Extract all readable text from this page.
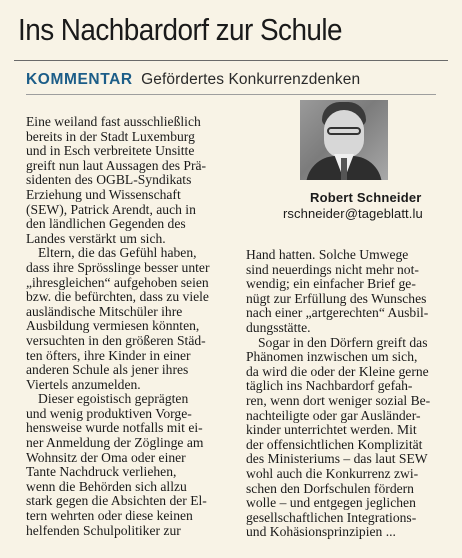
Ins Nachbardorf zur Schule
KOMMENTAR Gefördertes Konkurrenzdenken
Robert Schneider
rschneider@tageblatt.lu

Eine weiland fast ausschließlich
bereits in der Stadt Luxemburg
und in Esch verbreitete Unsitte
greift nun laut Aussagen des Prä-
sidenten des OGBL-Syndikats
Erziehung und Wissenschaft
(SEW), Patrick Arendt, auch in
den ländlichen Gegenden des
Landes verstärkt um sich.

Eltern, die das Gefühl haben,
dass ihre Sprösslinge besser unter
„ihresgleichen“ aufgehoben seien
bzw. die befürchten, dass zu viele
ausländische Mitschüler ihre
Ausbildung vermiesen könnten,
versuchten in den größeren Städ-
ten öfters, ihre Kinder in einer
anderen Schule als jener ihres
Viertels anzumelden.

Dieser egoistisch geprägten
und wenig produktiven Vorge-
hensweise wurde notfalls mit ei-
ner Anmeldung der Zöglinge am
Wohnsitz der Oma oder einer
Tante Nachdruck verliehen,
wenn die Behörden sich allzu
stark gegen die Absichten der El-
tern wehrten oder diese keinen
helfenden Schulpolitiker zur

Hand hatten. Solche Umwege
sind neuerdings nicht mehr not-
wendig; ein einfacher Brief ge-
nügt zur Erfüllung des Wunsches
nach einer „artgerechten“ Ausbil-
dungsstätte.

Sogar in den Dörfern greift das
Phänomen inzwischen um sich,
da wird die oder der Kleine gerne
täglich ins Nachbardorf gefah-
ren, wenn dort weniger sozial Be-
nachteiligte oder gar Ausländer-
kinder unterrichtet werden. Mit
der offensichtlichen Komplizität
des Ministeriums – das laut SEW
wohl auch die Konkurrenz zwi-
schen den Dorfschulen fördern
wolle – und entgegen jeglichen
gesellschaftlichen Integrations-
und Kohäsionsprinzipien ...
